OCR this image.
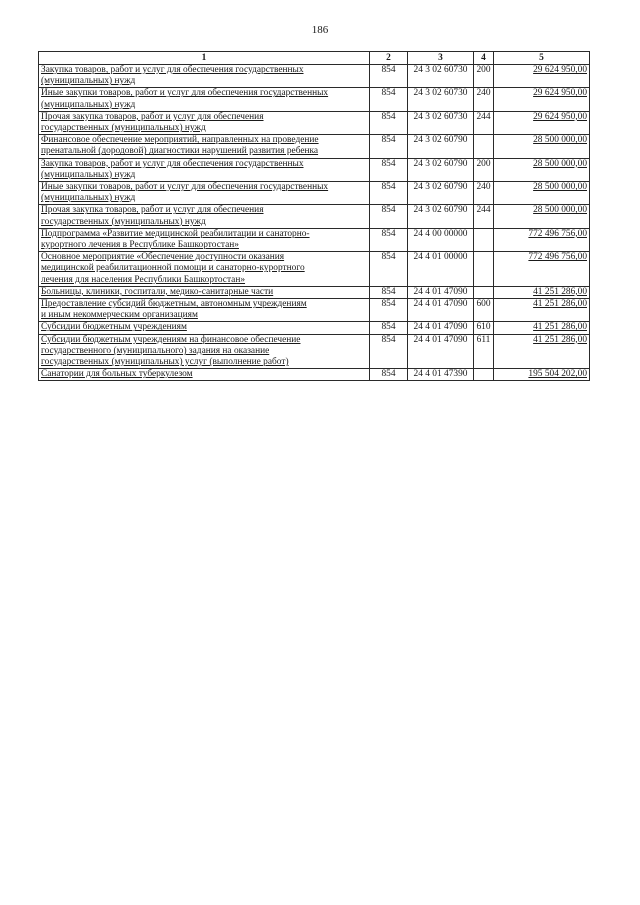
186
1	2	3	4	5

Закупка товаров, работ и услуг для обеспечения государственных
(муниципальных) нужд	854	24 3 02 60730	200	29 624 950,00

Иные закупки товаров, работ и услуг для обеспечения государственных
(муниципальных) нужд	854	24 3 02 60730	240	29 624 950,00

Прочая закупка товаров, работ и услуг для обеспечения
государственных (муниципальных) нужд	854	24 3 02 60730	244	29 624 950,00

Финансовое обеспечение мероприятий, направленных на проведение
пренатальной (дородовой) диагностики нарушений развития ребенка	854	24 3 02 60790		28 500 000,00

Закупка товаров, работ и услуг для обеспечения государственных
(муниципальных) нужд	854	24 3 02 60790	200	28 500 000,00

Иные закупки товаров, работ и услуг для обеспечения государственных
(муниципальных) нужд	854	24 3 02 60790	240	28 500 000,00

Прочая закупка товаров, работ и услуг для обеспечения
государственных (муниципальных) нужд	854	24 3 02 60790	244	28 500 000,00

Подпрограмма «Развитие медицинской реабилитации и санаторно-
курортного лечения в Республике Башкортостан»	854	24 4 00 00000		772 496 756,00

Основное мероприятие «Обеспечение доступности оказания
медицинской реабилитационной помощи и санаторно-курортного
лечения для населения Республики Башкортостан»	854	24 4 01 00000		772 496 756,00

Больницы, клиники, госпитали, медико-санитарные части	854	24 4 01 47090		41 251 286,00

Предоставление субсидий бюджетным, автономным учреждениям
и иным некоммерческим организациям	854	24 4 01 47090	600	41 251 286,00

Субсидии бюджетным учреждениям	854	24 4 01 47090	610	41 251 286,00

Субсидии бюджетным учреждениям на финансовое обеспечение
государственного (муниципального) задания на оказание
государственных (муниципальных) услуг (выполнение работ)	854	24 4 01 47090	611	41 251 286,00

Санатории для больных туберкулезом	854	24 4 01 47390		195 504 202,00
